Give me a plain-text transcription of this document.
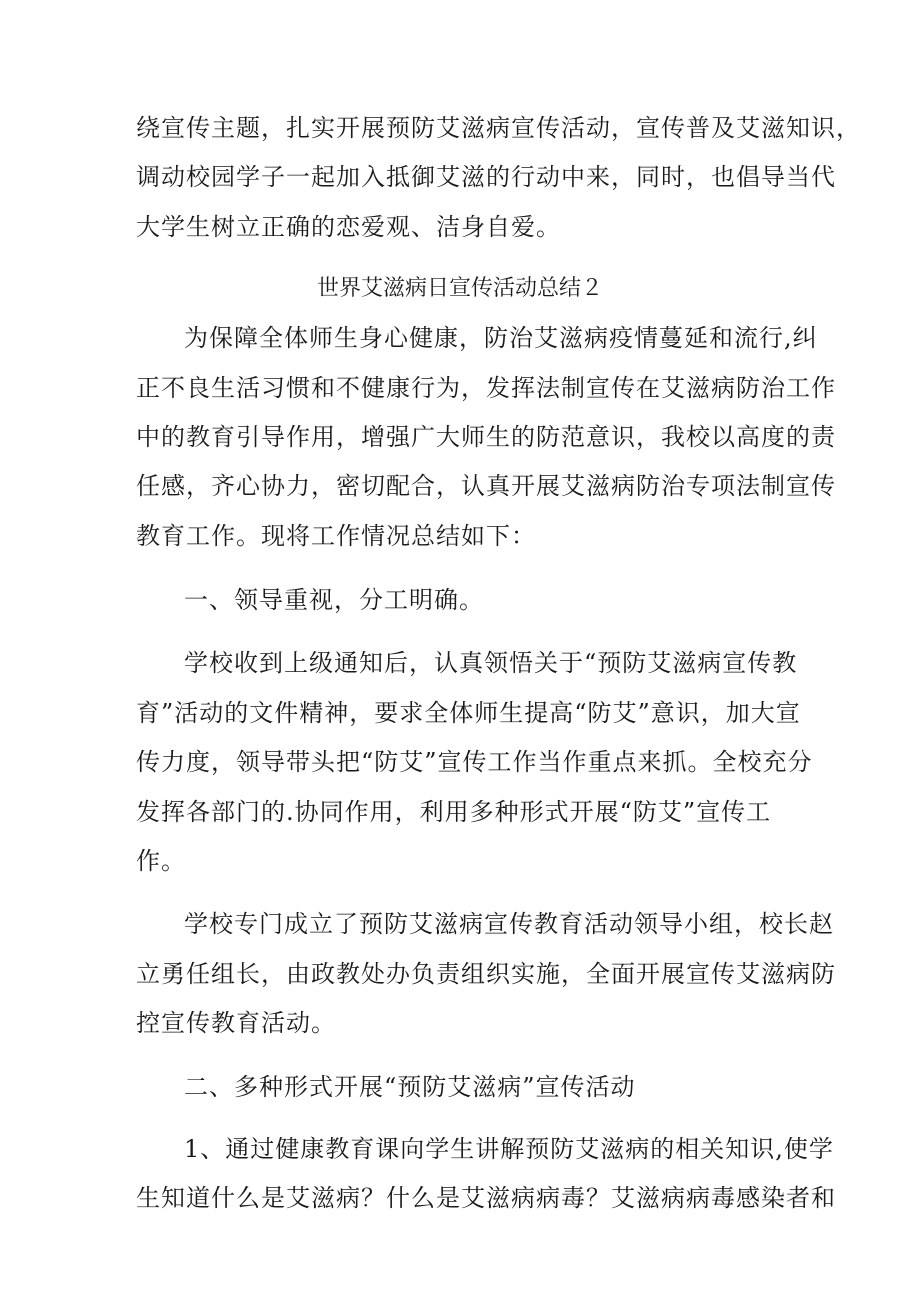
绕宣传主题，扎实开展预防艾滋病宣传活动，宣传普及艾滋知识，
调动校园学子一起加入抵御艾滋的行动中来，同时，也倡导当代
大学生树立正确的恋爱观、洁身自爱。
世界艾滋病日宣传活动总结２
为保障全体师生身心健康，防治艾滋病疫情蔓延和流行,纠
正不良生活习惯和不健康行为，发挥法制宣传在艾滋病防治工作
中的教育引导作用，增强广大师生的防范意识，我校以高度的责
任感，齐心协力，密切配合，认真开展艾滋病防治专项法制宣传
教育工作。现将工作情况总结如下：
一、领导重视，分工明确。
学校收到上级通知后，认真领悟关于“预防艾滋病宣传教
育”活动的文件精神，要求全体师生提高“防艾”意识，加大宣
传力度，领导带头把“防艾”宣传工作当作重点来抓。全校充分
发挥各部门的.协同作用，利用多种形式开展“防艾”宣传工
作。
学校专门成立了预防艾滋病宣传教育活动领导小组，校长赵
立勇任组长，由政教处办负责组织实施，全面开展宣传艾滋病防
控宣传教育活动。
二、多种形式开展“预防艾滋病”宣传活动
1、通过健康教育课向学生讲解预防艾滋病的相关知识,使学
生知道什么是艾滋病？什么是艾滋病病毒？艾滋病病毒感染者和
